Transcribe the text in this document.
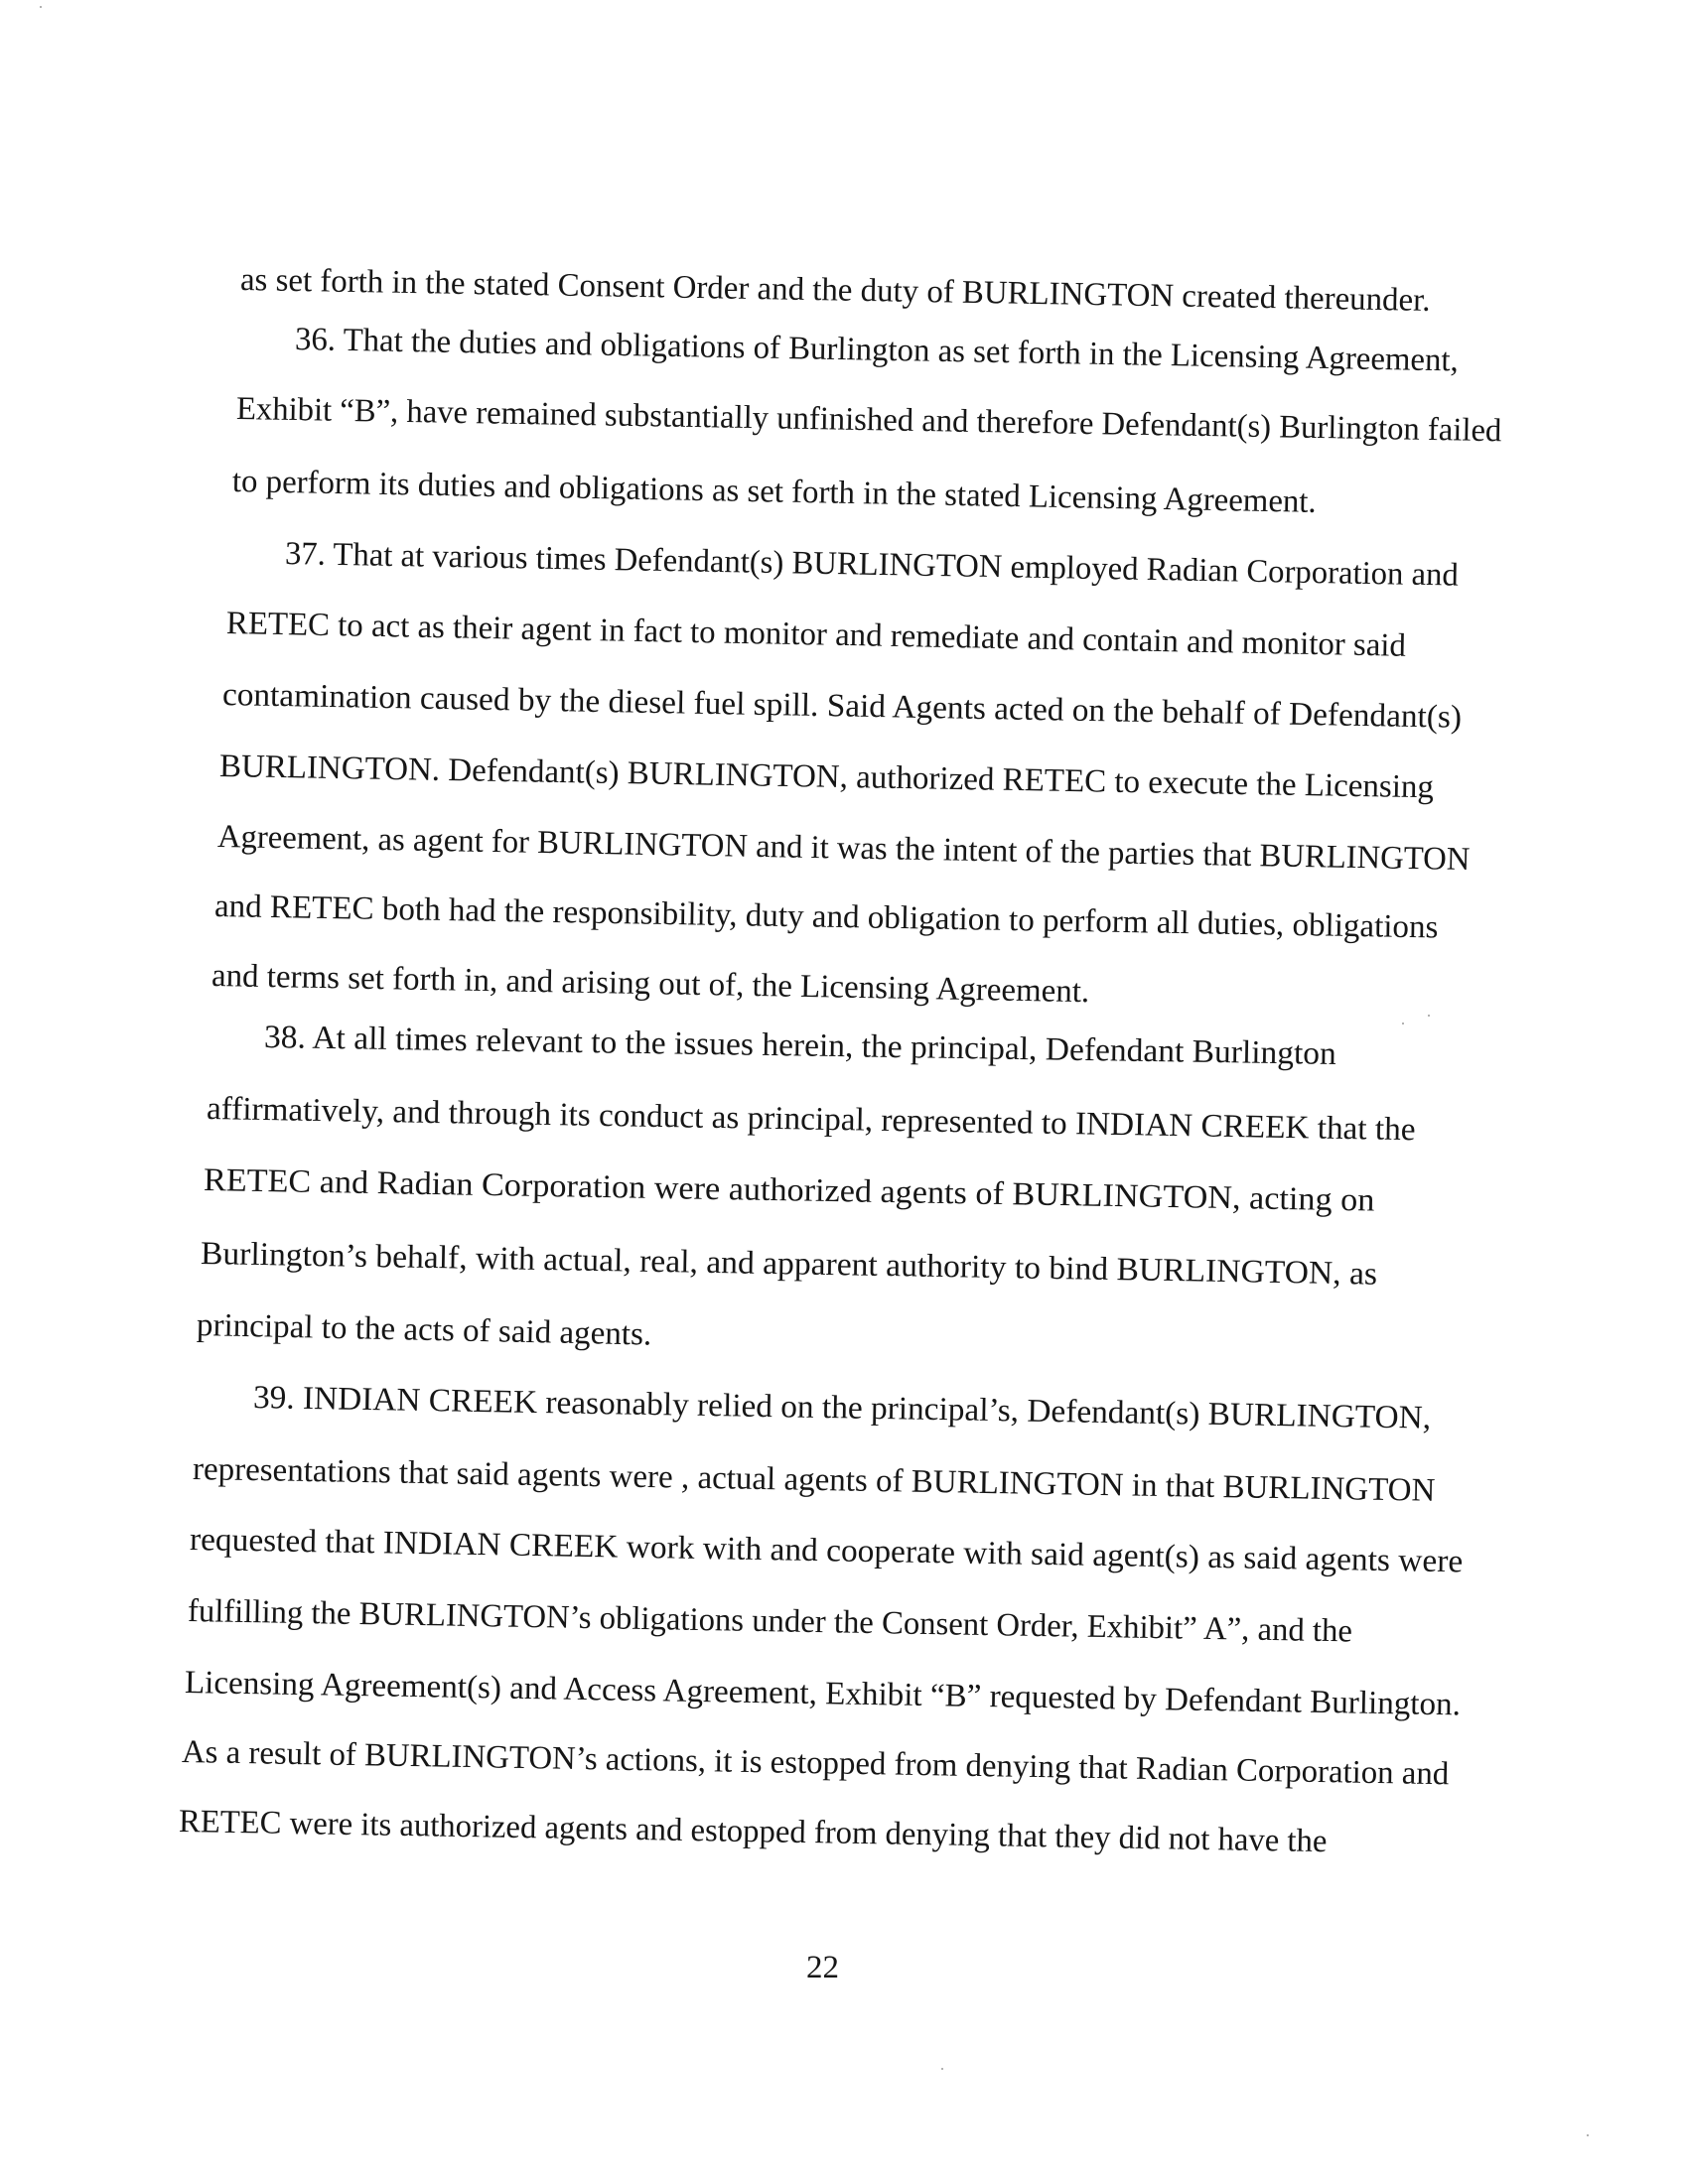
as set forth in the stated Consent Order and the duty of BURLINGTON created thereunder.
36. That the duties and obligations of Burlington as set forth in the Licensing Agreement,
Exhibit “B”, have remained substantially unfinished and therefore Defendant(s) Burlington failed
to perform its duties and obligations as set forth in the stated Licensing Agreement.
37. That at various times Defendant(s) BURLINGTON employed Radian Corporation and
RETEC to act as their agent in fact to monitor and remediate and contain and monitor said
contamination caused by the diesel fuel spill. Said Agents acted on the behalf of Defendant(s)
BURLINGTON. Defendant(s) BURLINGTON, authorized RETEC to execute the Licensing
Agreement, as agent for BURLINGTON and it was the intent of the parties that BURLINGTON
and RETEC both had the responsibility, duty and obligation to perform all duties, obligations
and terms set forth in, and arising out of, the Licensing Agreement.
38. At all times relevant to the issues herein, the principal, Defendant Burlington
affirmatively, and through its conduct as principal, represented to INDIAN CREEK that the
RETEC and Radian Corporation were authorized agents of BURLINGTON, acting on
Burlington’s behalf, with actual, real, and apparent authority to bind BURLINGTON, as
principal to the acts of said agents.
39. INDIAN CREEK reasonably relied on the principal’s, Defendant(s) BURLINGTON,
representations that said agents were , actual agents of BURLINGTON in that BURLINGTON
requested that INDIAN CREEK work with and cooperate with said agent(s) as said agents were
fulfilling the BURLINGTON’s obligations under the Consent Order, Exhibit” A”, and the
Licensing Agreement(s) and Access Agreement, Exhibit “B” requested by Defendant Burlington.
As a result of BURLINGTON’s actions, it is estopped from denying that Radian Corporation and
RETEC were its authorized agents and estopped from denying that they did not have the
22
